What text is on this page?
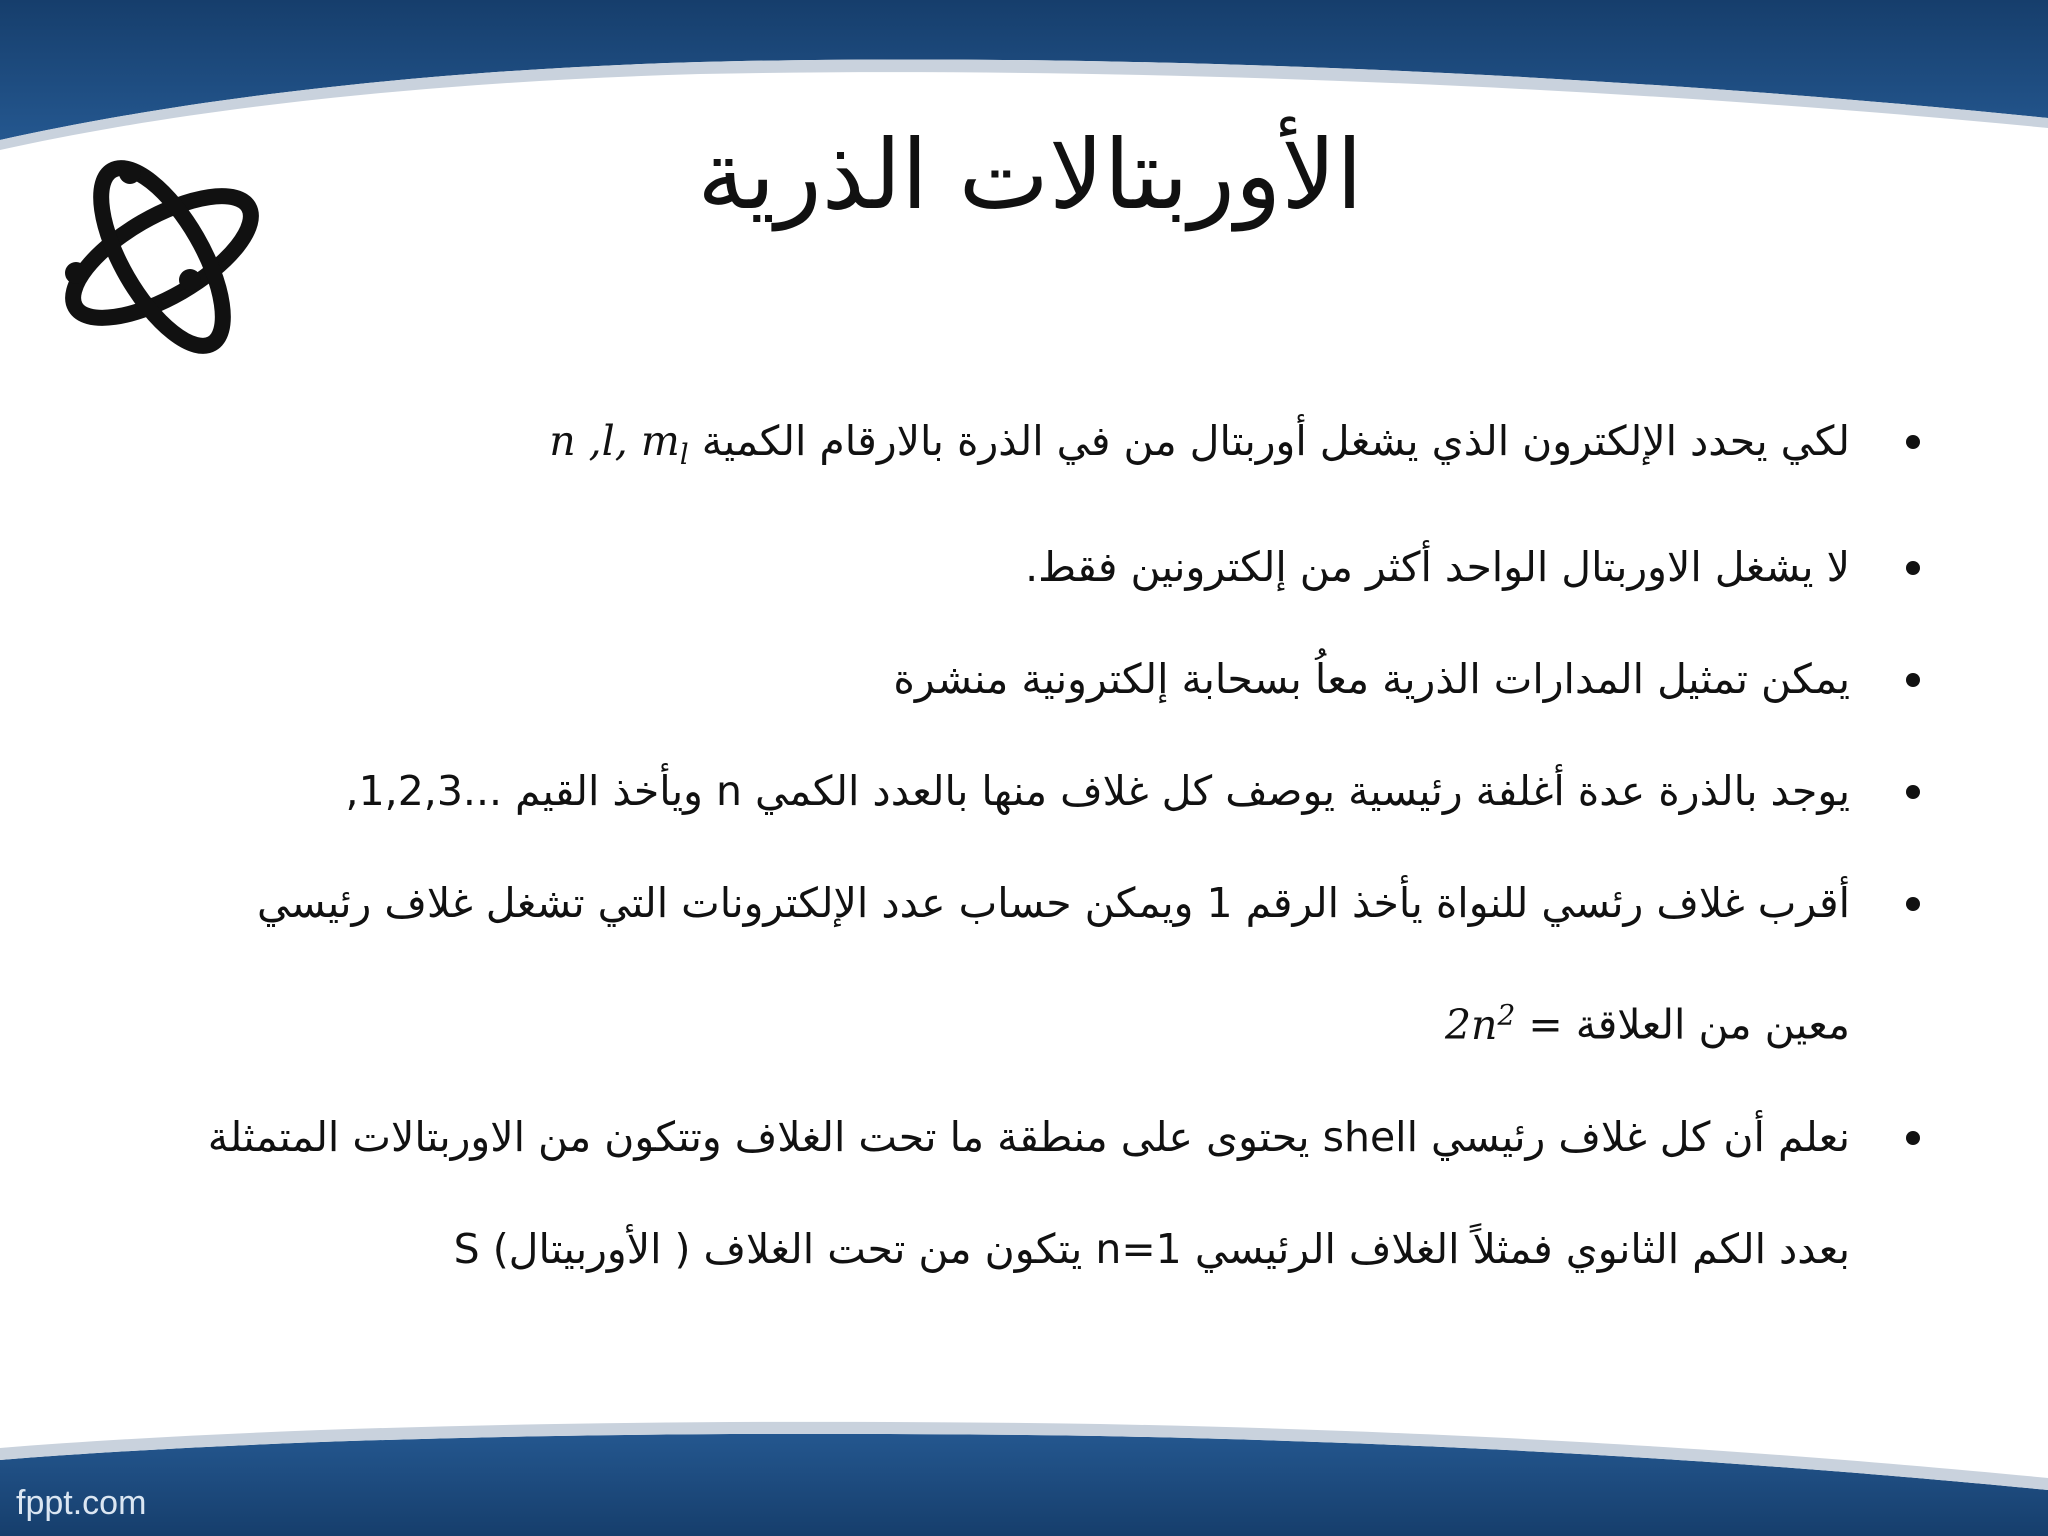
الأوربتالات الذرية
لكي يحدد الإلكترون الذي يشغل أوربتال من في الذرة بالارقام الكمية n ,l, $m_l$
لا يشغل الاوربتال الواحد أكثر من إلكترونين فقط.
يمكن تمثيل المدارات الذرية معاُ بسحابة إلكترونية منشرة
يوجد بالذرة عدة أغلفة رئيسية يوصف كل غلاف منها بالعدد الكمي n ويأخذ القيم ...1,2,3,
أقرب غلاف رئسي للنواة يأخذ الرقم 1 ويمكن حساب عدد الإلكترونات التي تشغل غلاف رئيسي معين من العلاقة = $2n^2$
نعلم أن كل غلاف رئيسي shell يحتوى على منطقة ما تحت الغلاف وتتكون من الاوربتالات المتمثلة بعدد الكم الثانوي فمثلاً الغلاف الرئيسي n=1 يتكون من تحت الغلاف ( الأوربيتال) S
fppt.com
